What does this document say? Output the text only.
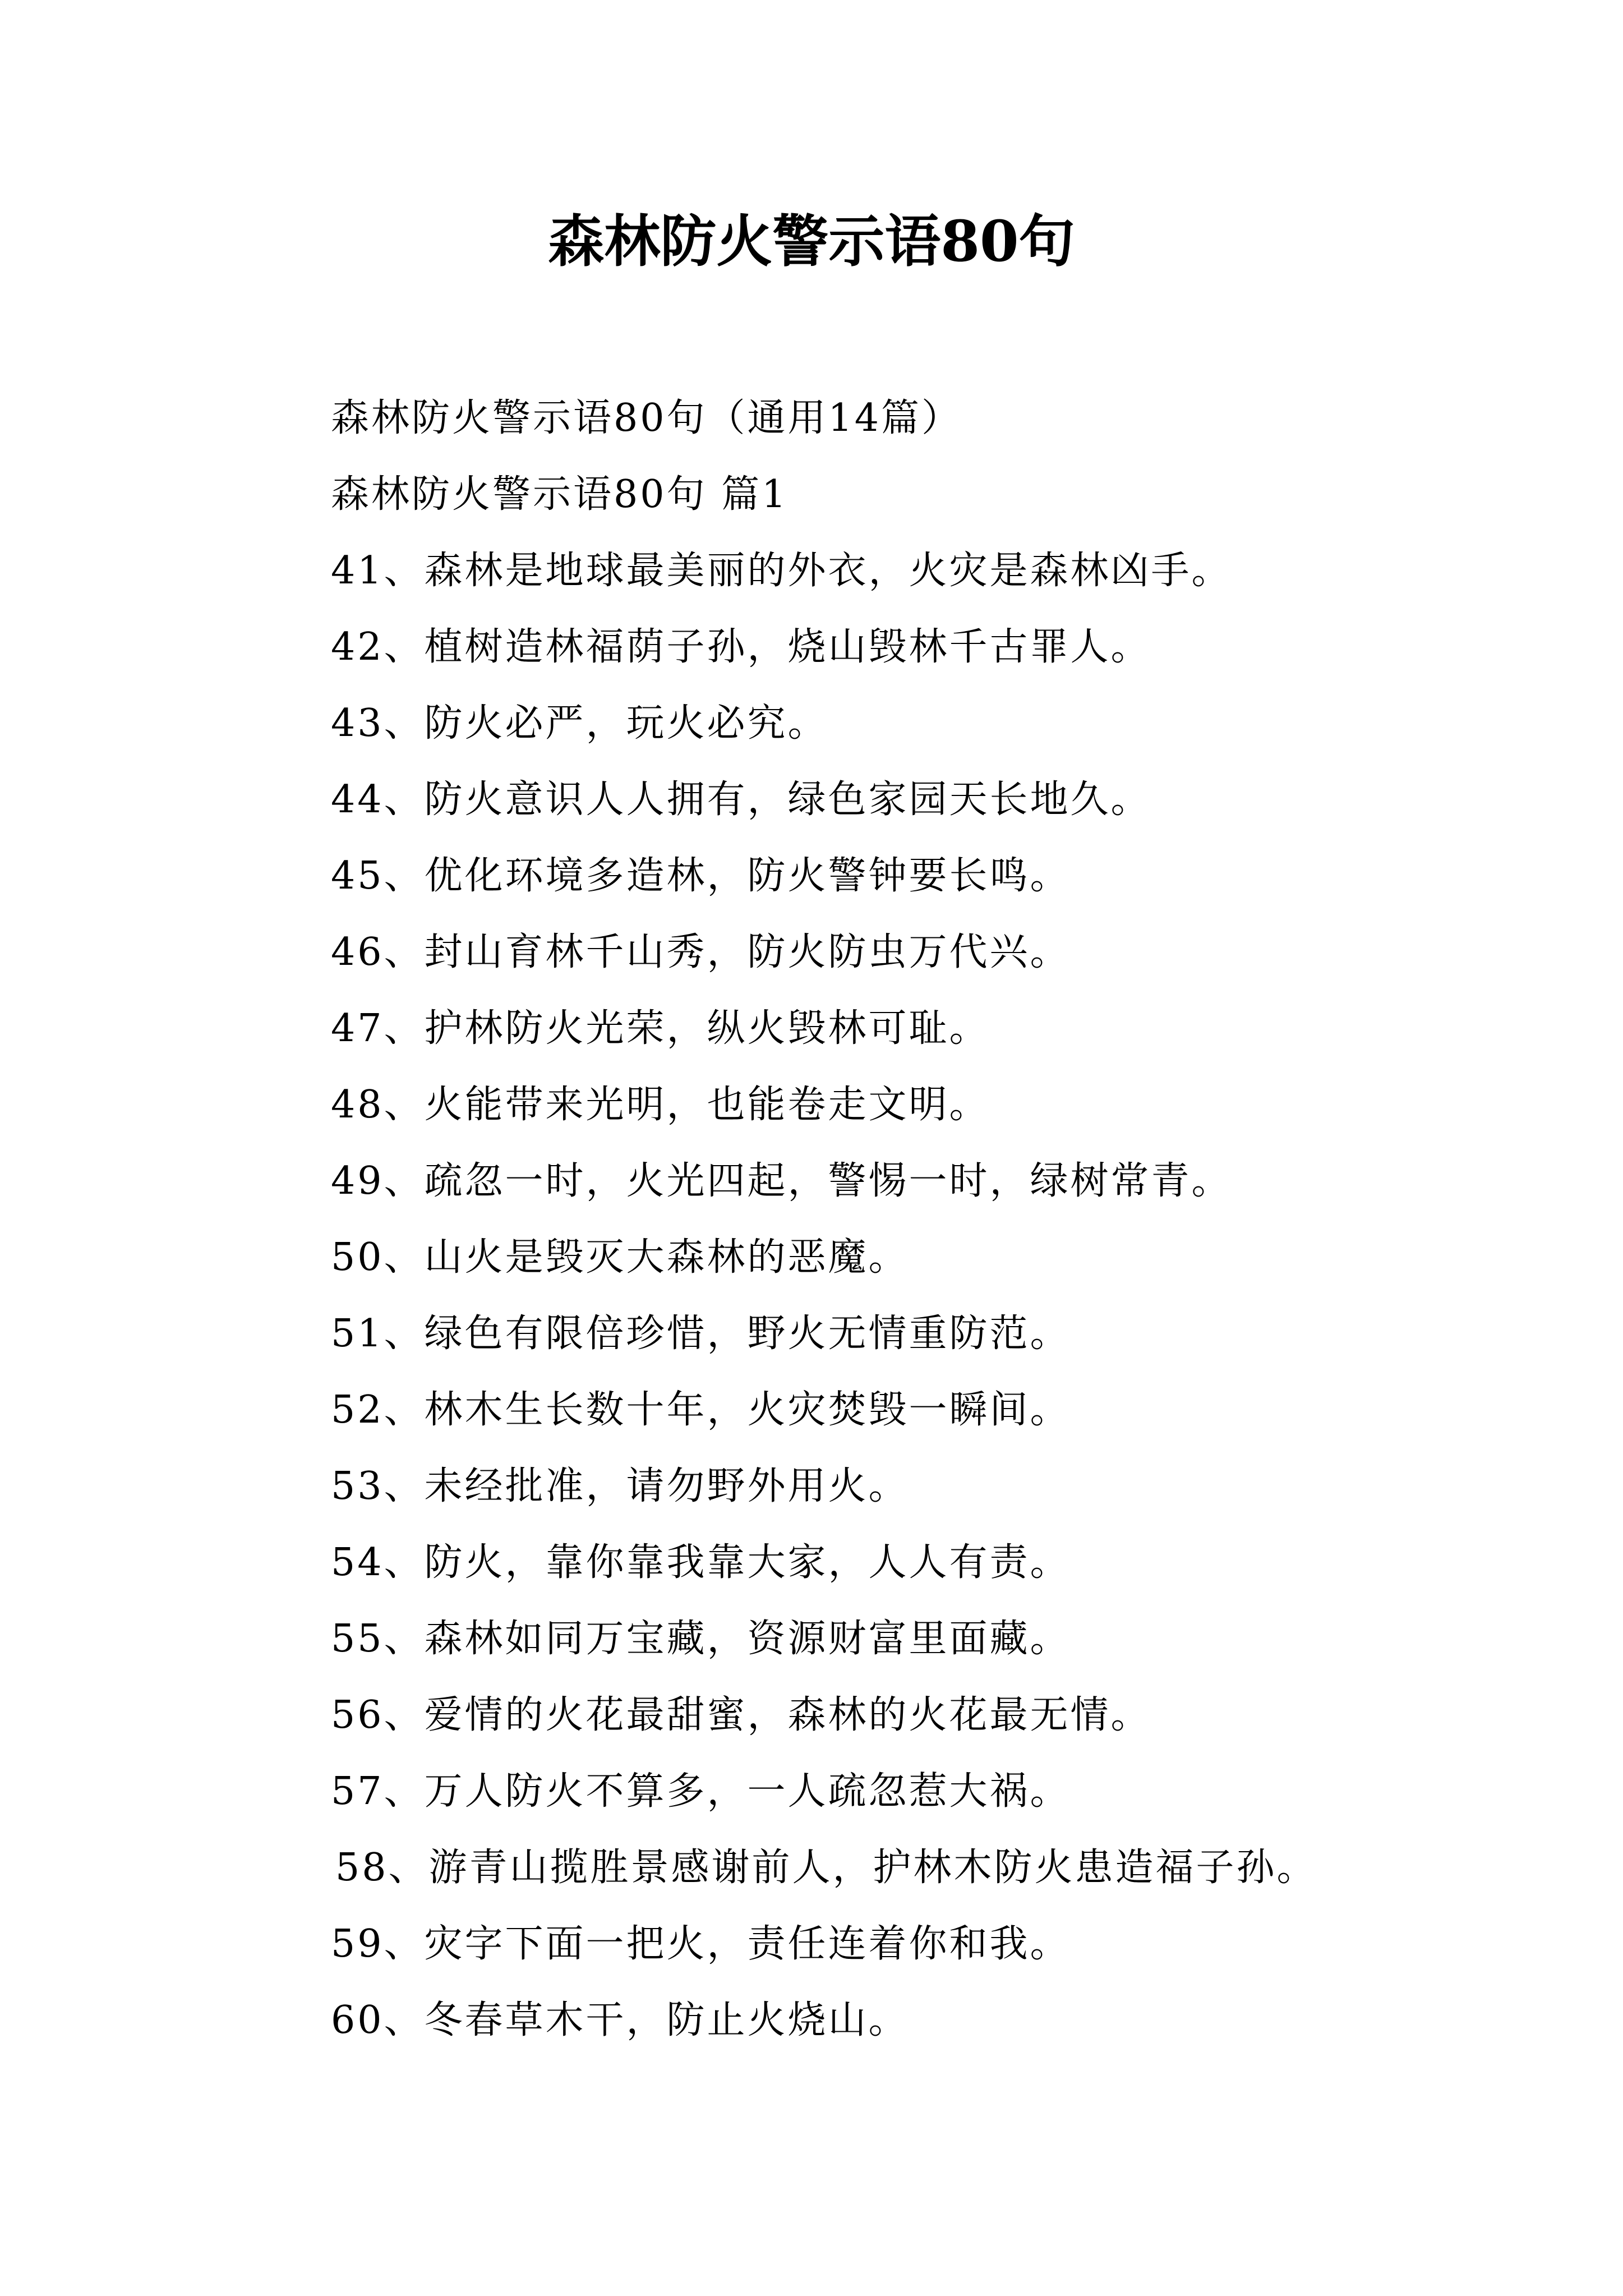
森林防火警示语80句
森林防火警示语80句（通用14篇）
森林防火警示语80句 篇1
41、森林是地球最美丽的外衣，火灾是森林凶手。
42、植树造林福荫子孙，烧山毁林千古罪人。
43、防火必严，玩火必究。
44、防火意识人人拥有，绿色家园天长地久。
45、优化环境多造林，防火警钟要长鸣。
46、封山育林千山秀，防火防虫万代兴。
47、护林防火光荣，纵火毁林可耻。
48、火能带来光明，也能卷走文明。
49、疏忽一时，火光四起，警惕一时，绿树常青。
50、山火是毁灭大森林的恶魔。
51、绿色有限倍珍惜，野火无情重防范。
52、林木生长数十年，火灾焚毁一瞬间。
53、未经批准，请勿野外用火。
54、防火，靠你靠我靠大家，人人有责。
55、森林如同万宝藏，资源财富里面藏。
56、爱情的火花最甜蜜，森林的火花最无情。
57、万人防火不算多，一人疏忽惹大祸。
58、游青山揽胜景感谢前人，护林木防火患造福子孙。
59、灾字下面一把火，责任连着你和我。
60、冬春草木干，防止火烧山。
